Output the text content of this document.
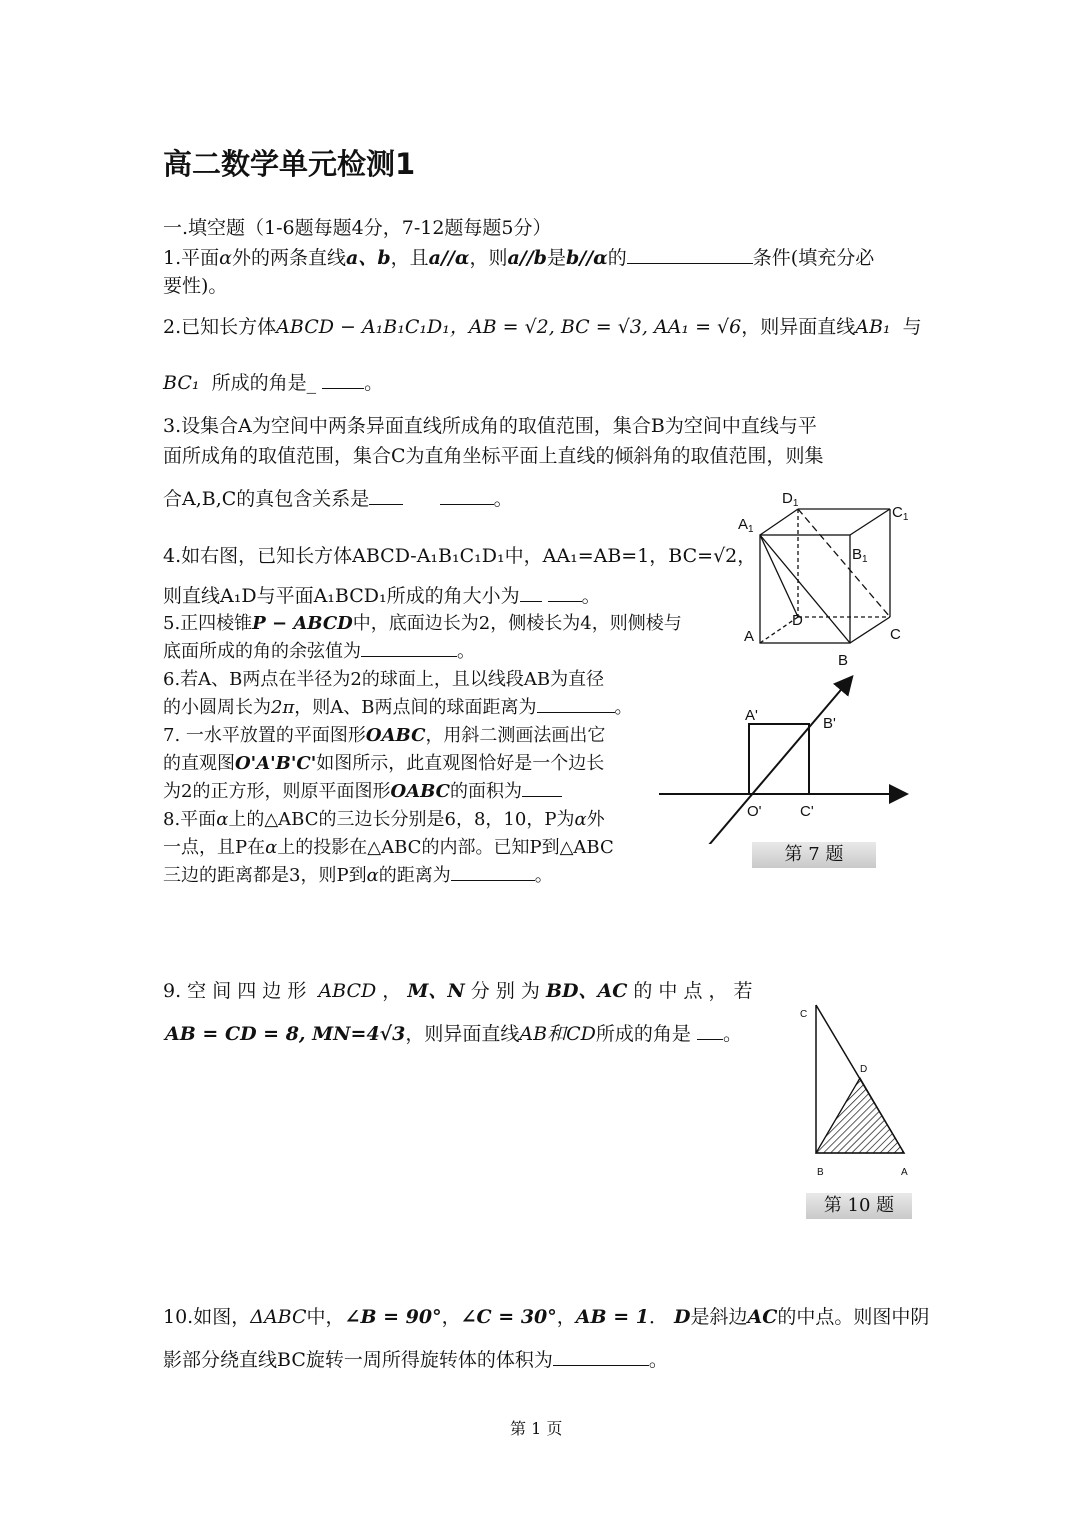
高二数学单元检测1
一.填空题（1-6题每题4分，7-12题每题5分）
1.平面α外的两条直线a、b，且a//α，则a//b是b//α的	条件(填充分必
要性)。
2.已知长方体ABCD − A₁B₁C₁D₁，AB = √2, BC = √3, AA₁ = √6，则异面直线AB₁ 与
BC₁ 所成的角是_	。
3.设集合A为空间中两条异面直线所成角的取值范围，集合B为空间中直线与平
面所成角的取值范围，集合C为直角坐标平面上直线的倾斜角的取值范围，则集
合A,B,C的真包含关系是	。
4.如右图，已知长方体ABCD-A₁B₁C₁D₁中，AA₁=AB=1，BC=√2，
则直线A₁D与平面A₁BCD₁所成的角大小为	。
5.正四棱锥P − ABCD中，底面边长为2，侧棱长为4，则侧棱与
底面所成的角的余弦值为	。
6.若A、B两点在半径为2的球面上，且以线段AB为直径
的小圆周长为2π，则A、B两点间的球面距离为	。
7. 一水平放置的平面图形OABC，用斜二测画法画出它
的直观图O'A'B'C'如图所示，此直观图恰好是一个边长
为2的正方形，则原平面图形OABC的面积为
8.平面α上的△ABC的三边长分别是6，8，10，P为α外
一点，且P在α上的投影在△ABC的内部。已知P到△ABC
三边的距离都是3，则P到α的距离为	。
9. 空 间 四 边 形 ABCD ， M、N 分 别 为 BD、AC 的 中 点 ， 若
AB = CD = 8, MN=4√3，则异面直线AB和CD所成的角是 。
10.如图，ΔABC中，∠B = 90°，∠C = 30°，AB = 1． D是斜边AC的中点。则图中阴
影部分绕直线BC旋转一周所得旋转体的体积为	。
$D_1$
$C_1$
$A_1$
$B_1$
D
C
A
B
A'	B'
O'	C'
第 7 题
C
D
B	A
第 10 题
第 1 页
